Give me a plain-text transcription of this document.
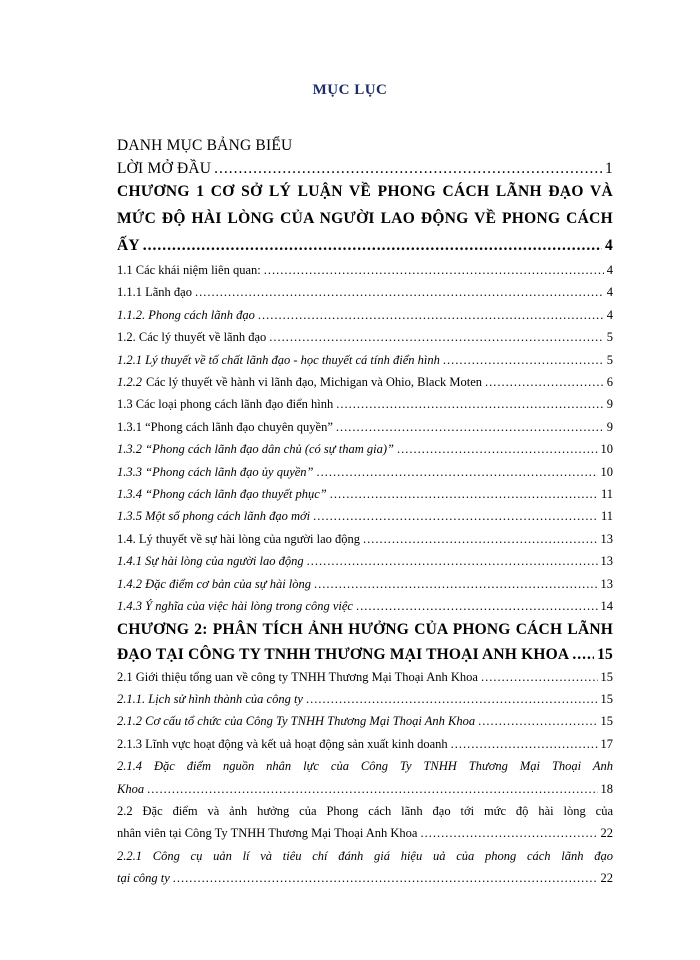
MỤC LỤC
DANH MỤC BẢNG BIỂU
LỜI MỞ ĐẦU .....	1
CHƯƠNG 1 CƠ SỞ LÝ LUẬN VỀ PHONG CÁCH LÃNH ĐẠO VÀ
MỨC ĐỘ HÀI LÒNG CỦA NGƯỜI LAO ĐỘNG VỀ PHONG CÁCH
ẤY .....	4
1.1 Các khái niệm liên quan: .....	4
1.1.1 Lãnh đạo .....	4
1.1.2. Phong cách lãnh đạo .....	4
1.2. Các lý thuyết về lãnh đạo .....	5
1.2.1 Lý thuyết về tố chất lãnh đạo - học thuyết cá tính điển hình .....	5
1.2.2 Các lý thuyết về hành vi lãnh đạo, Michigan và Ohio, Black Moten .....	6
1.3 Các loại phong cách lãnh đạo điển hình .....	9
1.3.1 “Phong cách lãnh đạo chuyên quyền” .....	9
1.3.2 “Phong cách lãnh đạo dân chủ (có sự tham gia)” .....	10
1.3.3 “Phong cách lãnh đạo ủy quyền” .....	10
1.3.4 “Phong cách lãnh đạo thuyết phục” .....	11
1.3.5 Một số phong cách lãnh đạo mới .....	11
1.4. Lý thuyết về sự hài lòng của người lao động .....	13
1.4.1 Sự hài lòng của người lao động .....	13
1.4.2 Đặc điểm cơ bản của sự hài lòng .....	13
1.4.3 Ý nghĩa của việc hài lòng trong công việc .....	14
CHƯƠNG 2: PHÂN TÍCH ẢNH HƯỞNG CỦA PHONG CÁCH LÃNH
ĐẠO TẠI CÔNG TY TNHH THƯƠNG MẠI THOẠI ANH KHOA ..... 15
2.1 Giới thiệu tổng uan về công ty TNHH Thương Mại Thoại Anh Khoa .....	15
2.1.1. Lịch sử hình thành của công ty .....	15
2.1.2 Cơ cấu tổ chức của Công Ty TNHH Thương Mại Thoại Anh Khoa .....	15
2.1.3 Lĩnh vực hoạt động và kết uả hoạt động sản xuất kinh doanh .....	17
2.1.4 Đặc điểm nguồn nhân lực của Công Ty TNHH Thương Mại Thoại Anh
Khoa .....	18
2.2 Đặc điểm và ảnh hưởng của Phong cách lãnh đạo tới mức độ hài lòng của
nhân viên tại Công Ty TNHH Thương Mại Thoại Anh Khoa .....	22
2.2.1 Công cụ uản lí và tiêu chí đánh giá hiệu uả của phong cách lãnh đạo
tại công ty .....	22
